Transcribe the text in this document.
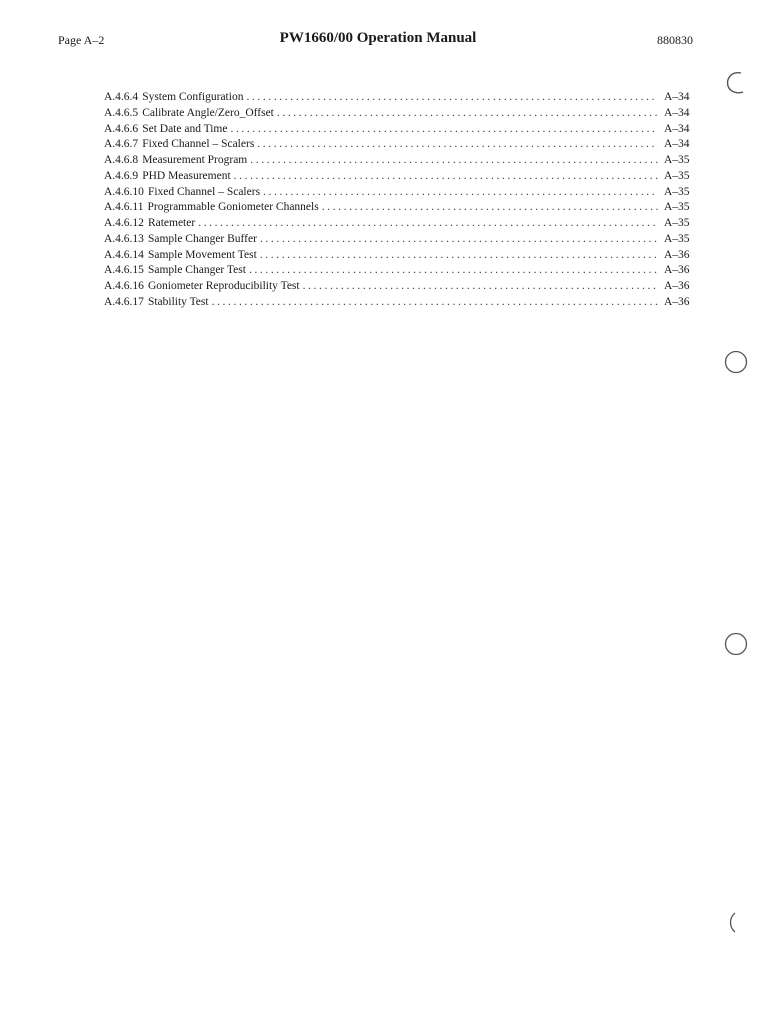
Page A–2	PW1660/00 Operation Manual	880830
A.4.6.4 System Configuration .....	A–34
A.4.6.5 Calibrate Angle/Zero_Offset .....	A–34
A.4.6.6 Set Date and Time .....	A–34
A.4.6.7 Fixed Channel – Scalers .....	A–34
A.4.6.8 Measurement Program .....	A–35
A.4.6.9 PHD Measurement .....	A–35
A.4.6.10 Fixed Channel – Scalers .....	A–35
A.4.6.11 Programmable Goniometer Channels .....	A–35
A.4.6.12 Ratemeter .....	A–35
A.4.6.13 Sample Changer Buffer .....	A–35
A.4.6.14 Sample Movement Test .....	A–36
A.4.6.15 Sample Changer Test .....	A–36
A.4.6.16 Goniometer Reproducibility Test .....	A–36
A.4.6.17 Stability Test .....	A–36
